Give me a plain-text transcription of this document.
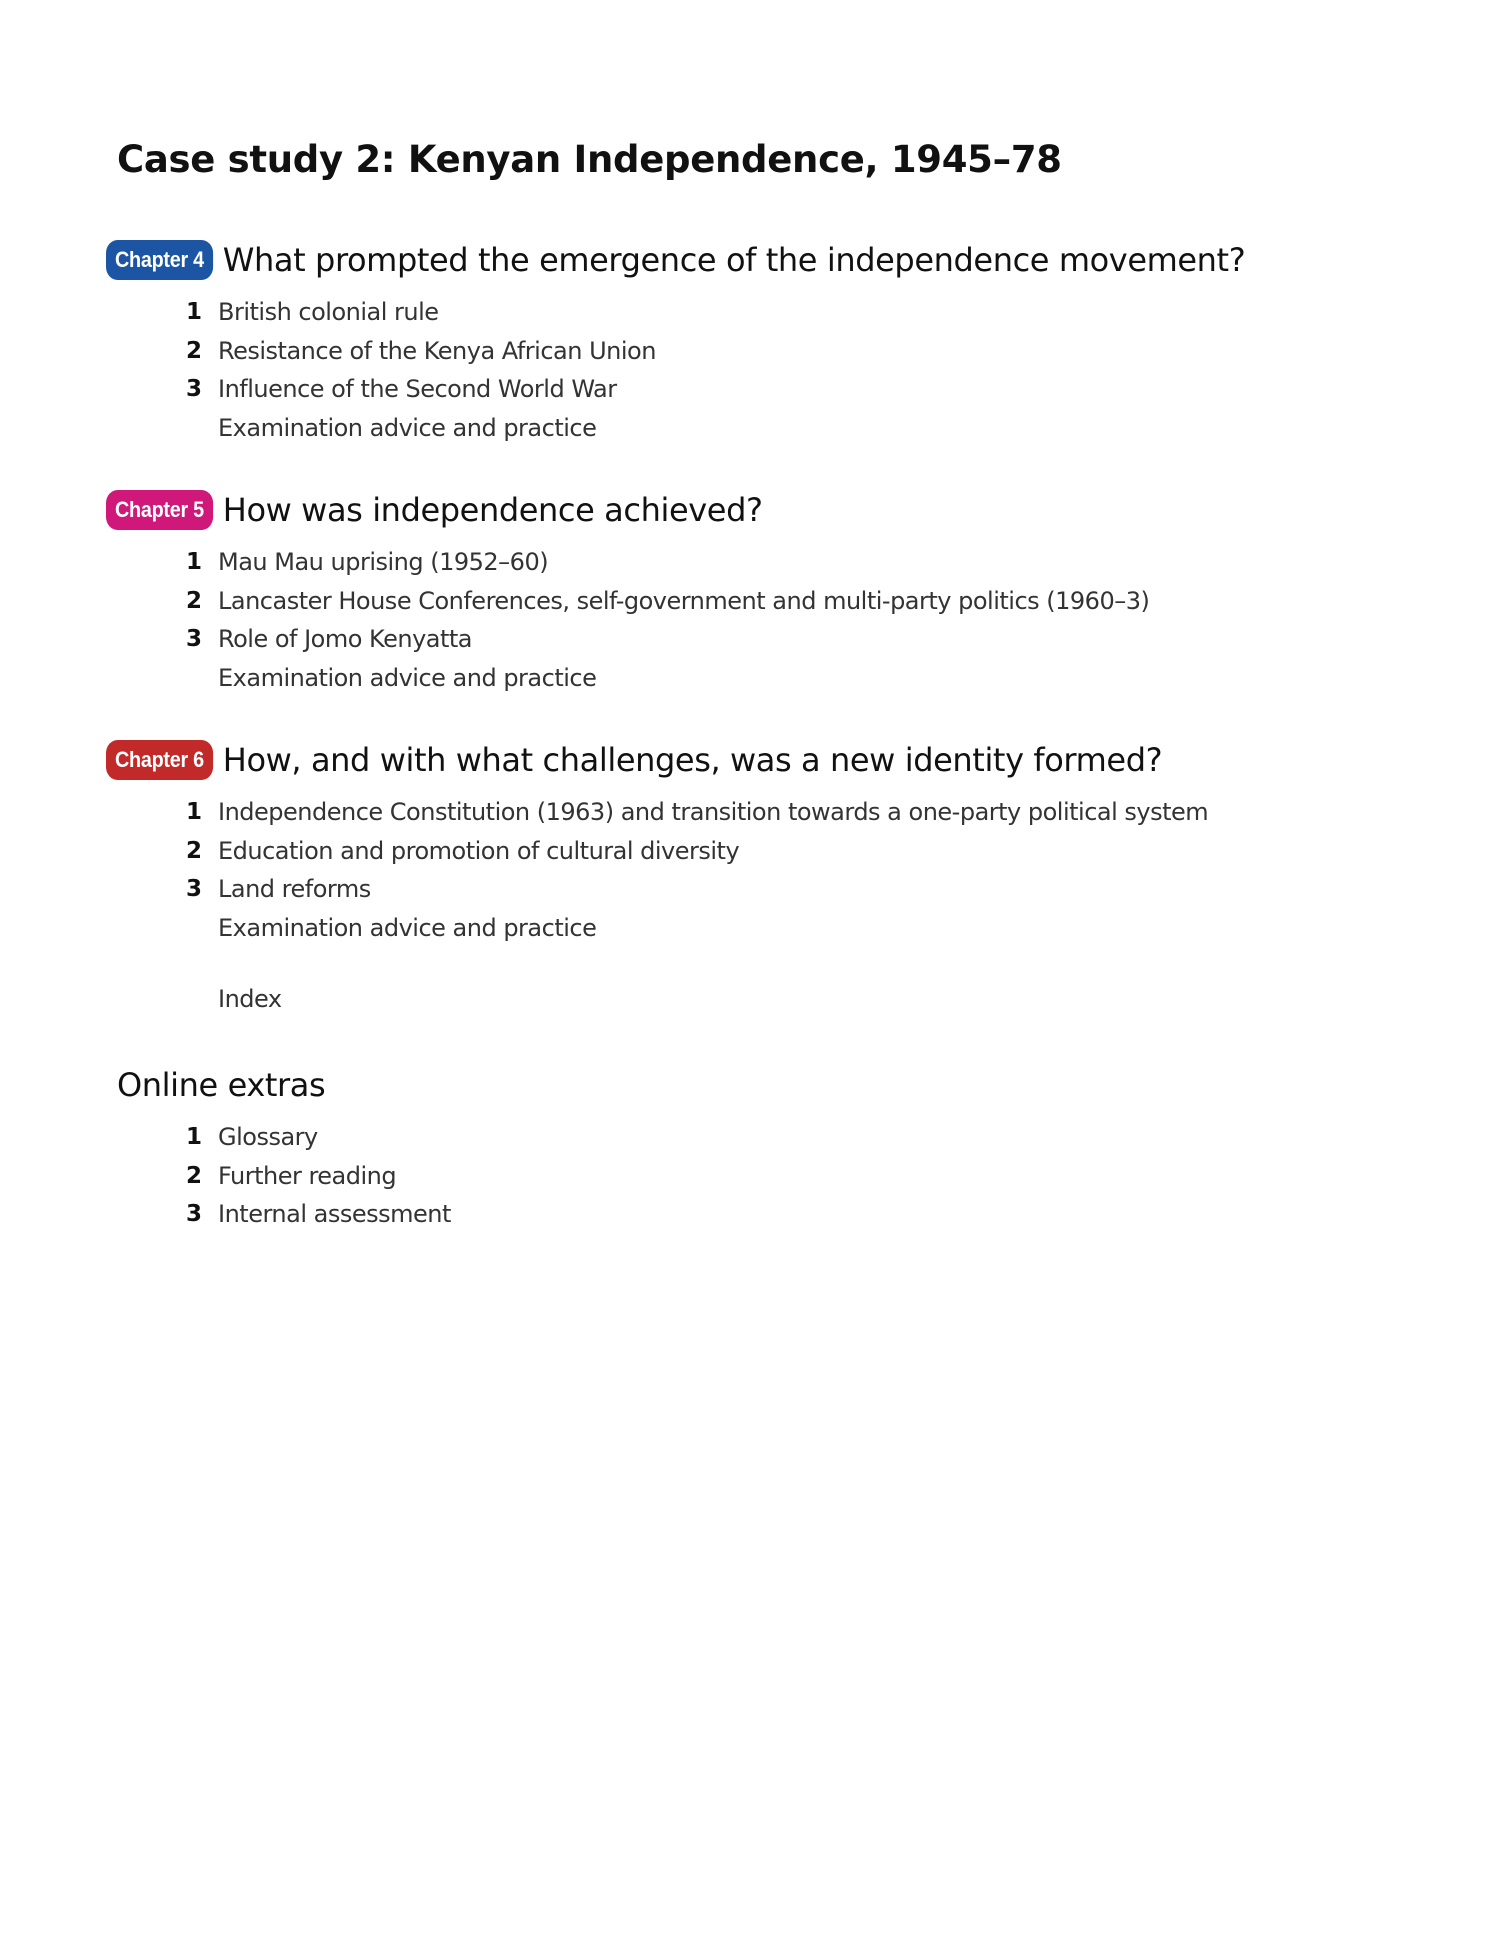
Case study 2: Kenyan Independence, 1945–78
Chapter 4 What prompted the emergence of the independence movement?
1 British colonial rule
2 Resistance of the Kenya African Union
3 Influence of the Second World War
Examination advice and practice
Chapter 5 How was independence achieved?
1 Mau Mau uprising (1952–60)
2 Lancaster House Conferences, self-government and multi-party politics (1960–3)
3 Role of Jomo Kenyatta
Examination advice and practice
Chapter 6 How, and with what challenges, was a new identity formed?
1 Independence Constitution (1963) and transition towards a one-party political system
2 Education and promotion of cultural diversity
3 Land reforms
Examination advice and practice
Index
Online extras
1 Glossary
2 Further reading
3 Internal assessment
